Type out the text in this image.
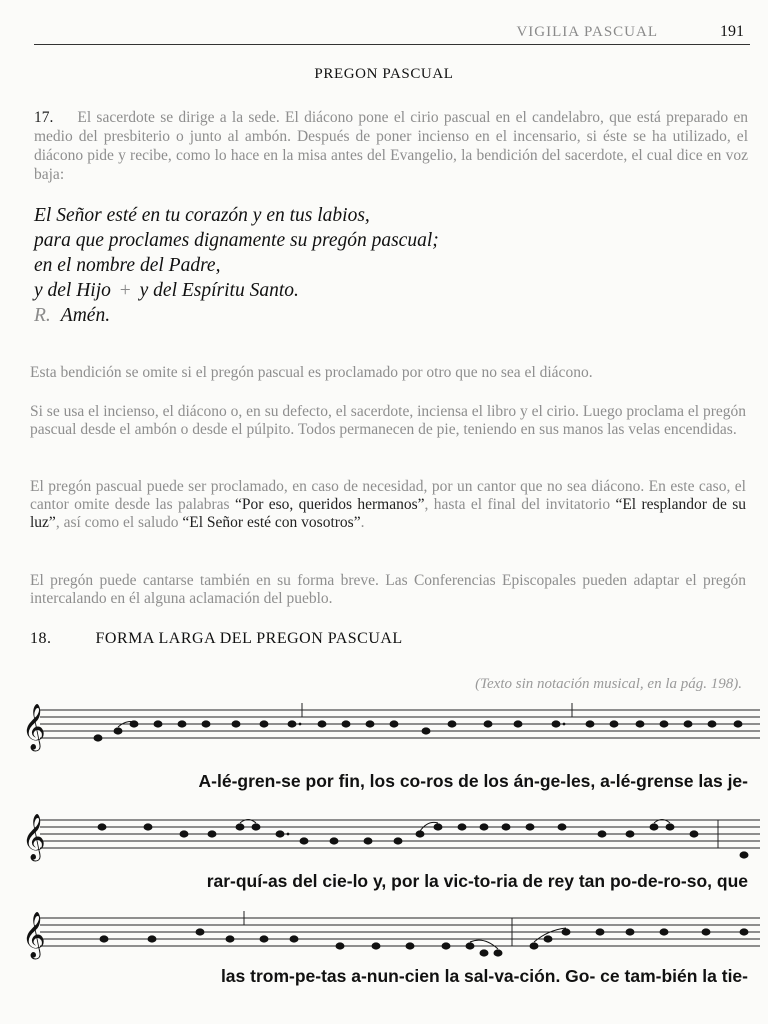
VIGILIA PASCUAL	191
PREGON PASCUAL
17. El sacerdote se dirige a la sede. El diácono pone el cirio pascual en el candelabro, que está preparado en medio del presbiterio o junto al ambón. Después de poner incienso en el incensario, si éste se ha utilizado, el diácono pide y recibe, como lo hace en la misa antes del Evangelio, la bendición del sacerdote, el cual dice en voz baja:
El Señor esté en tu corazón y en tus labios,
para que proclames dignamente su pregón pascual;
en el nombre del Padre,
y del Hijo + y del Espíritu Santo.
R. Amén.
Esta bendición se omite si el pregón pascual es proclamado por otro que no sea el diácono.
Si se usa el incienso, el diácono o, en su defecto, el sacerdote, inciensa el libro y el cirio. Luego proclama el pregón pascual desde el ambón o desde el púlpito. Todos permanecen de pie, teniendo en sus manos las velas encendidas.
El pregón pascual puede ser proclamado, en caso de necesidad, por un cantor que no sea diácono. En este caso, el cantor omite desde las palabras “Por eso, queridos hermanos”, hasta el final del invitatorio “El resplandor de su luz”, así como el saludo “El Señor esté con vosotros”.
El pregón puede cantarse también en su forma breve. Las Conferencias Episcopales pueden adaptar el pregón intercalando en él alguna aclamación del pueblo.
18.	FORMA LARGA DEL PREGON PASCUAL
(Texto sin notación musical, en la pág. 198).
𝄞
A-lé-gren-se por fin, los co-ros de los án-ge-les, a-lé-grense las je-
𝄞
rar-quí-as del cie-lo y, por la vic-to-ria de rey tan po-de-ro-so, que
𝄞
las trom-pe-tas a-nun-cien la sal-va-ción. Go- ce tam-bién la tie-
